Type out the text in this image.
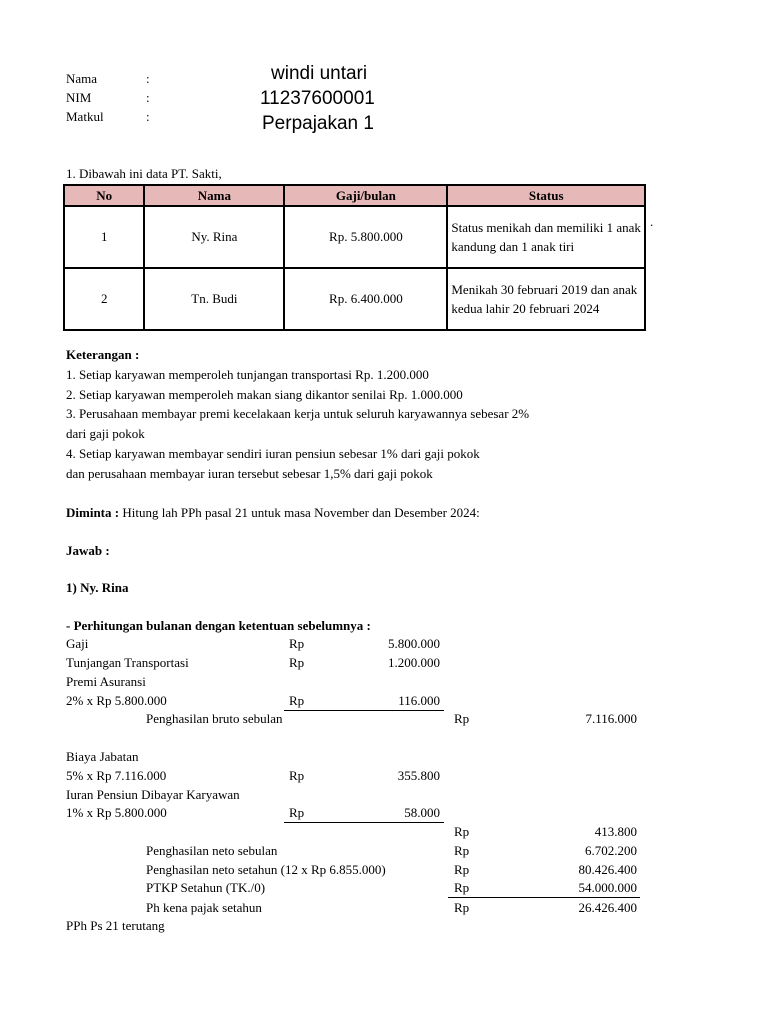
Nama	:	windi untari
NIM	:	11237600001
Matkul	:	Perpajakan 1
1. Dibawah ini data PT. Sakti,
No	Nama	Gaji/bulan	Status
1	Ny. Rina	Rp. 5.800.000	Status menikah dan memiliki 1 anak kandung dan 1 anak tiri
2	Tn. Budi	Rp. 6.400.000	Menikah 30 februari 2019 dan anak kedua lahir 20 februari 2024
.
Keterangan :
1. Setiap karyawan memperoleh tunjangan transportasi Rp. 1.200.000
2. Setiap karyawan memperoleh makan siang dikantor senilai Rp. 1.000.000
3. Perusahaan membayar premi kecelakaan kerja untuk seluruh karyawannya sebesar 2%
dari gaji pokok
4. Setiap karyawan membayar sendiri iuran pensiun sebesar 1% dari gaji pokok
dan perusahaan membayar iuran tersebut sebesar 1,5% dari gaji pokok
Diminta : Hitung lah PPh pasal 21 untuk masa November dan Desember 2024:
Jawab :
1) Ny. Rina
- Perhitungan bulanan dengan ketentuan sebelumnya :
Gaji	Rp	5.800.000
Tunjangan Transportasi	Rp	1.200.000
Premi Asuransi
2% x Rp 5.800.000	Rp	116.000
Penghasilan bruto sebulan	Rp	7.116.000
Biaya Jabatan
5% x Rp 7.116.000	Rp	355.800
Iuran Pensiun Dibayar Karyawan
1% x Rp 5.800.000	Rp	58.000
Rp	413.800
Penghasilan neto sebulan	Rp	6.702.200
Penghasilan neto setahun (12 x Rp 6.855.000)	Rp	80.426.400
PTKP Setahun (TK./0)	Rp	54.000.000
Ph kena pajak setahun	Rp	26.426.400
PPh Ps 21 terutang
